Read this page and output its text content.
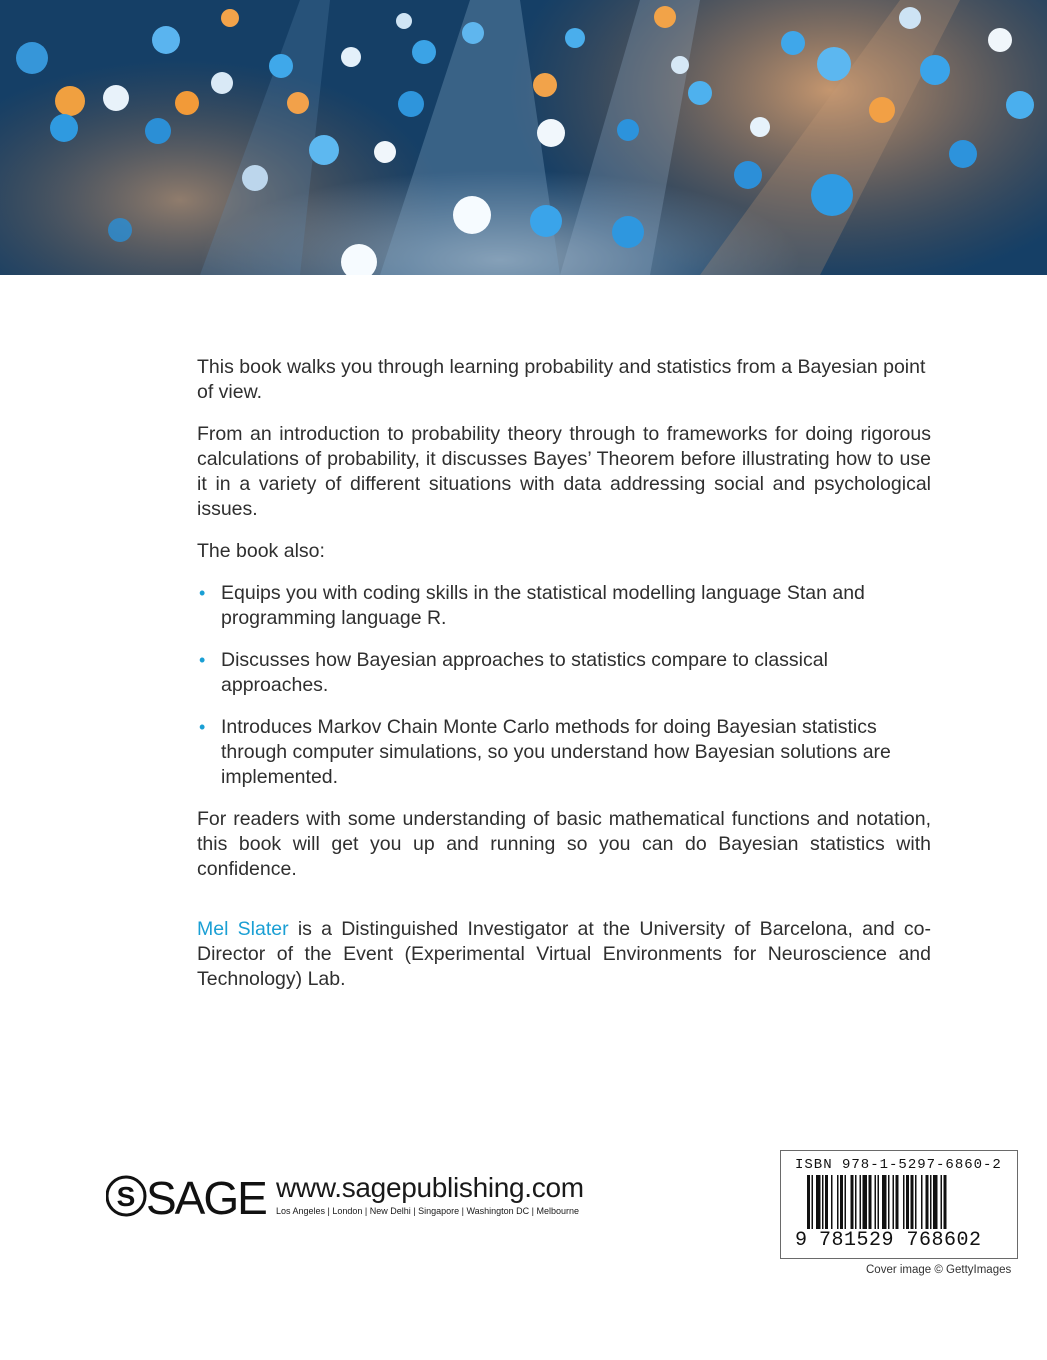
This book walks you through learning probability and statistics from a Bayesian point of view.

From an introduction to probability theory through to frameworks for doing rigorous calculations of probability, it discusses Bayes’ Theorem before illustrating how to use it in a variety of different situations with data addressing social and psychological issues.

The book also:

• Equips you with coding skills in the statistical modelling language Stan and programming language R.
• Discusses how Bayesian approaches to statistics compare to classical approaches.
• Introduces Markov Chain Monte Carlo methods for doing Bayesian statistics through computer simulations, so you understand how Bayesian solutions are implemented.

For readers with some understanding of basic mathematical functions and notation, this book will get you up and running so you can do Bayesian statistics with confidence.

Mel Slater is a Distinguished Investigator at the University of Barcelona, and co-Director of the Event (Experimental Virtual Environments for Neuroscience and Technology) Lab.

S SAGE www.sagepublishing.com
Los Angeles | London | New Delhi | Singapore | Washington DC | Melbourne
ISBN 978-1-5297-6860-2
9 781529 768602
Cover image © GettyImages
